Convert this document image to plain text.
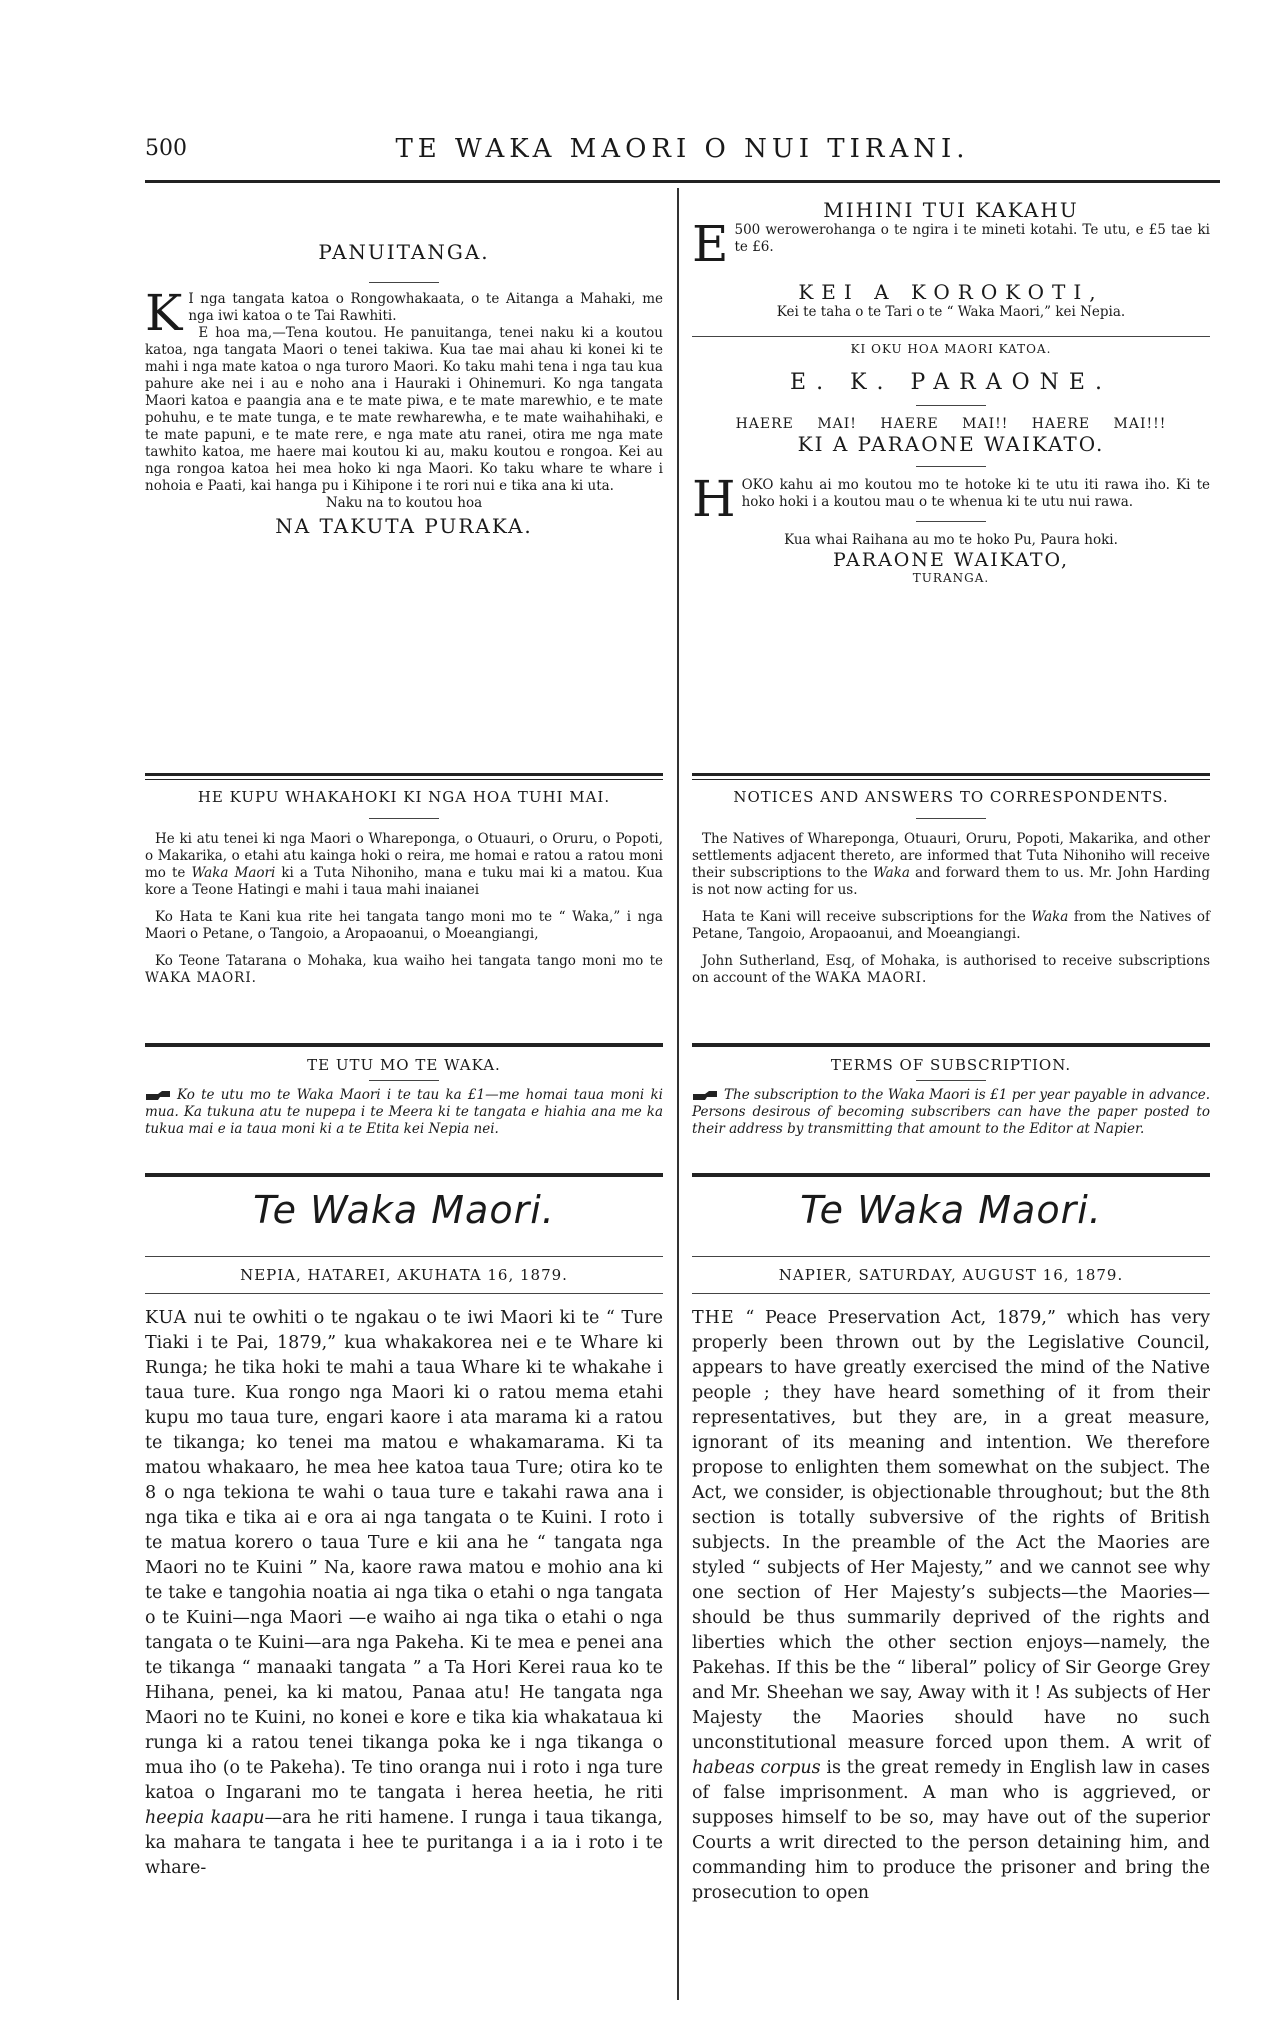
500	TE WAKA MAORI O NUI TIRANI.
PANUITANGA.

K I nga tangata katoa o Rongowhakaata, o te Aitanga a Mahaki, me nga iwi katoa o te Tai Rawhiti.

E hoa ma,—Tena koutou. He panuitanga, tenei naku ki a koutou katoa, nga tangata Maori o tenei takiwa. Kua tae mai ahau ki konei ki te mahi i nga mate katoa o nga turoro Maori. Ko taku mahi tena i nga tau kua pahure ake nei i au e noho ana i Hauraki i Ohinemuri. Ko nga tangata Maori katoa e paangia ana e te mate piwa, e te mate marewhio, e te mate pohuhu, e te mate tunga, e te mate rewharewha, e te mate waihahihaki, e te mate papuni, e te mate rere, e nga mate atu ranei, otira me nga mate tawhito katoa, me haere mai koutou ki au, maku koutou e rongoa. Kei au nga rongoa katoa hei mea hoko ki nga Maori. Ko taku whare te whare i nohoia e Paati, kai hanga pu i Kihipone i te rori nui e tika ana ki uta.

Naku na to koutou hoa

NA TAKUTA PURAKA.

HE KUPU WHAKAHOKI KI NGA HOA TUHI MAI.

He ki atu tenei ki nga Maori o Whareponga, o Otuauri, o Oruru, o Popoti, o Makarika, o etahi atu kainga hoki o reira, me homai e ratou a ratou moni mo te Waka Maori ki a Tuta Nihoniho, mana e tuku mai ki a matou. Kua kore a Teone Hatingi e mahi i taua mahi inaianei

Ko Hata te Kani kua rite hei tangata tango moni mo te “ Waka,” i nga Maori o Petane, o Tangoio, a Aropaoanui, o Moeangiangi,

Ko Teone Tatarana o Mohaka, kua waiho hei tangata tango moni mo te WAKA MAORI.

TE UTU MO TE WAKA.

Ko te utu mo te Waka Maori i te tau ka £1—me homai taua moni ki mua. Ka tukuna atu te nupepa i te Meera ki te tangata e hiahia ana me ka tukua mai e ia taua moni ki a te Etita kei Nepia nei.

Te Waka Maori.
NEPIA, HATAREI, AKUHATA 16, 1879.

KUA nui te owhiti o te ngakau o te iwi Maori ki te “ Ture Tiaki i te Pai, 1879,” kua whakakorea nei e te Whare ki Runga; he tika hoki te mahi a taua Whare ki te whakahe i taua ture. Kua rongo nga Maori ki o ratou mema etahi kupu mo taua ture, engari kaore i ata marama ki a ratou te tikanga; ko tenei ma matou e whakamarama. Ki ta matou whakaaro, he mea hee katoa taua Ture; otira ko te 8 o nga tekiona te wahi o taua ture e takahi rawa ana i nga tika e tika ai e ora ai nga tangata o te Kuini. I roto i te matua korero o taua Ture e kii ana he “ tangata nga Maori no te Kuini ” Na, kaore rawa matou e mohio ana ki te take e tangohia noatia ai nga tika o etahi o nga tangata o te Kuini—nga Maori —e waiho ai nga tika o etahi o nga tangata o te Kuini—ara nga Pakeha. Ki te mea e penei ana te tikanga “ manaaki tangata ” a Ta Hori Kerei raua ko te Hihana, penei, ka ki matou, Panaa atu! He tangata nga Maori no te Kuini, no konei e kore e tika kia whakataua ki runga ki a ratou tenei tikanga poka ke i nga tikanga o mua iho (o te Pakeha). Te tino oranga nui i roto i nga ture katoa o Ingarani mo te tangata i herea heetia, he riti heepia kaapu—ara he riti hamene. I runga i taua tikanga, ka mahara te tangata i hee te puritanga i a ia i roto i te whare-

MIHINI TUI KAKAHU

E 500 werowerohanga o te ngira i te mineti kotahi. Te utu, e £5 tae ki te £6.

KEI A KOROKOTI,

Kei te taha o te Tari o te “ Waka Maori,” kei Nepia.

KI OKU HOA MAORI KATOA.
E. K. PARAONE.
HAERE MAI! HAERE MAI!! HAERE MAI!!!
KI A PARAONE WAIKATO.

HOKO kahu ai mo koutou mo te hotoke ki te utu iti rawa iho. Ki te hoko hoki i a koutou mau o te whenua ki te utu nui rawa.

Kua whai Raihana au mo te hoko Pu, Paura hoki.

PARAONE WAIKATO,
TURANGA.
NOTICES AND ANSWERS TO CORRESPONDENTS.

The Natives of Whareponga, Otuauri, Oruru, Popoti, Makarika, and other settlements adjacent thereto, are informed that Tuta Nihoniho will receive their subscriptions to the Waka and forward them to us. Mr. John Harding is not now acting for us.

Hata te Kani will receive subscriptions for the Waka from the Natives of Petane, Tangoio, Aropaoanui, and Moeangiangi.

John Sutherland, Esq, of Mohaka, is authorised to receive subscriptions on account of the WAKA MAORI.

TERMS OF SUBSCRIPTION.

The subscription to the Waka Maori is £1 per year payable in advance. Persons desirous of becoming subscribers can have the paper posted to their address by transmitting that amount to the Editor at Napier.

Te Waka Maori.
NAPIER, SATURDAY, AUGUST 16, 1879.

THE “ Peace Preservation Act, 1879,” which has very properly been thrown out by the Legislative Council, appears to have greatly exercised the mind of the Native people ; they have heard something of it from their representatives, but they are, in a great measure, ignorant of its meaning and intention. We therefore propose to enlighten them somewhat on the subject. The Act, we consider, is objectionable throughout; but the 8th section is totally subversive of the rights of British subjects. In the preamble of the Act the Maories are styled “ subjects of Her Majesty,” and we cannot see why one section of Her Majesty’s subjects—the Maories—should be thus summarily deprived of the rights and liberties which the other section enjoys—namely, the Pakehas. If this be the “ liberal” policy of Sir George Grey and Mr. Sheehan we say, Away with it ! As subjects of Her Majesty the Maories should have no such unconstitutional measure forced upon them. A writ of habeas corpus is the great remedy in English law in cases of false imprisonment. A man who is aggrieved, or supposes himself to be so, may have out of the superior Courts a writ directed to the person detaining him, and commanding him to produce the prisoner and bring the prosecution to open
